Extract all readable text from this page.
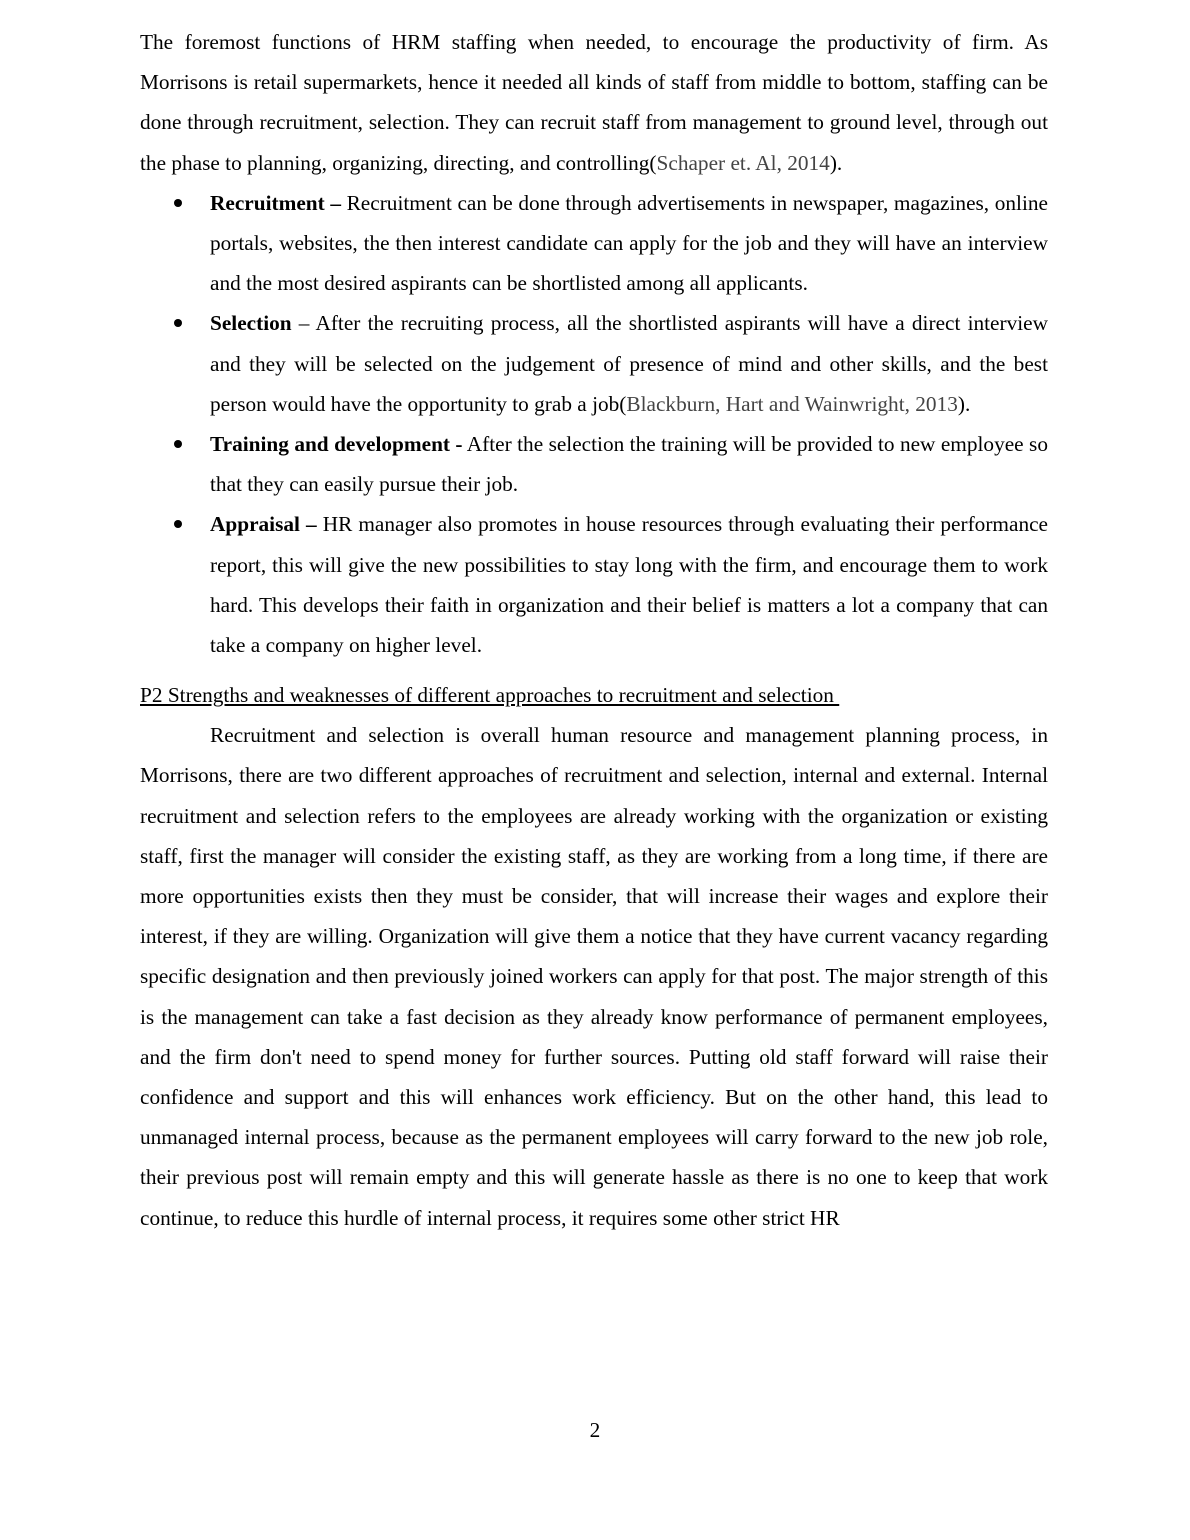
The foremost functions of HRM staffing when needed, to encourage the productivity of firm. As Morrisons is retail supermarkets, hence it needed all kinds of staff from middle to bottom, staffing can be done through recruitment, selection. They can recruit staff from management to ground level, through out the phase to planning, organizing, directing, and controlling(Schaper et. Al, 2014).

Recruitment – Recruitment can be done through advertisements in newspaper, magazines, online portals, websites, the then interest candidate can apply for the job and they will have an interview and the most desired aspirants can be shortlisted among all applicants.
Selection – After the recruiting process, all the shortlisted aspirants will have a direct interview and they will be selected on the judgement of presence of mind and other skills, and the best person would have the opportunity to grab a job(Blackburn, Hart and Wainwright, 2013).
Training and development - After the selection the training will be provided to new employee so that they can easily pursue their job.
Appraisal – HR manager also promotes in house resources through evaluating their performance report, this will give the new possibilities to stay long with the firm, and encourage them to work hard. This develops their faith in organization and their belief is matters a lot a company that can take a company on higher level.

P2 Strengths and weaknesses of different approaches to recruitment and selection

Recruitment and selection is overall human resource and management planning process, in Morrisons, there are two different approaches of recruitment and selection, internal and external. Internal recruitment and selection refers to the employees are already working with the organization or existing staff, first the manager will consider the existing staff, as they are working from a long time, if there are more opportunities exists then they must be consider, that will increase their wages and explore their interest, if they are willing. Organization will give them a notice that they have current vacancy regarding specific designation and then previously joined workers can apply for that post. The major strength of this is the management can take a fast decision as they already know performance of permanent employees, and the firm don't need to spend money for further sources. Putting old staff forward will raise their confidence and support and this will enhances work efficiency. But on the other hand, this lead to unmanaged internal process, because as the permanent employees will carry forward to the new job role, their previous post will remain empty and this will generate hassle as there is no one to keep that work continue, to reduce this hurdle of internal process, it requires some other strict HR

2
